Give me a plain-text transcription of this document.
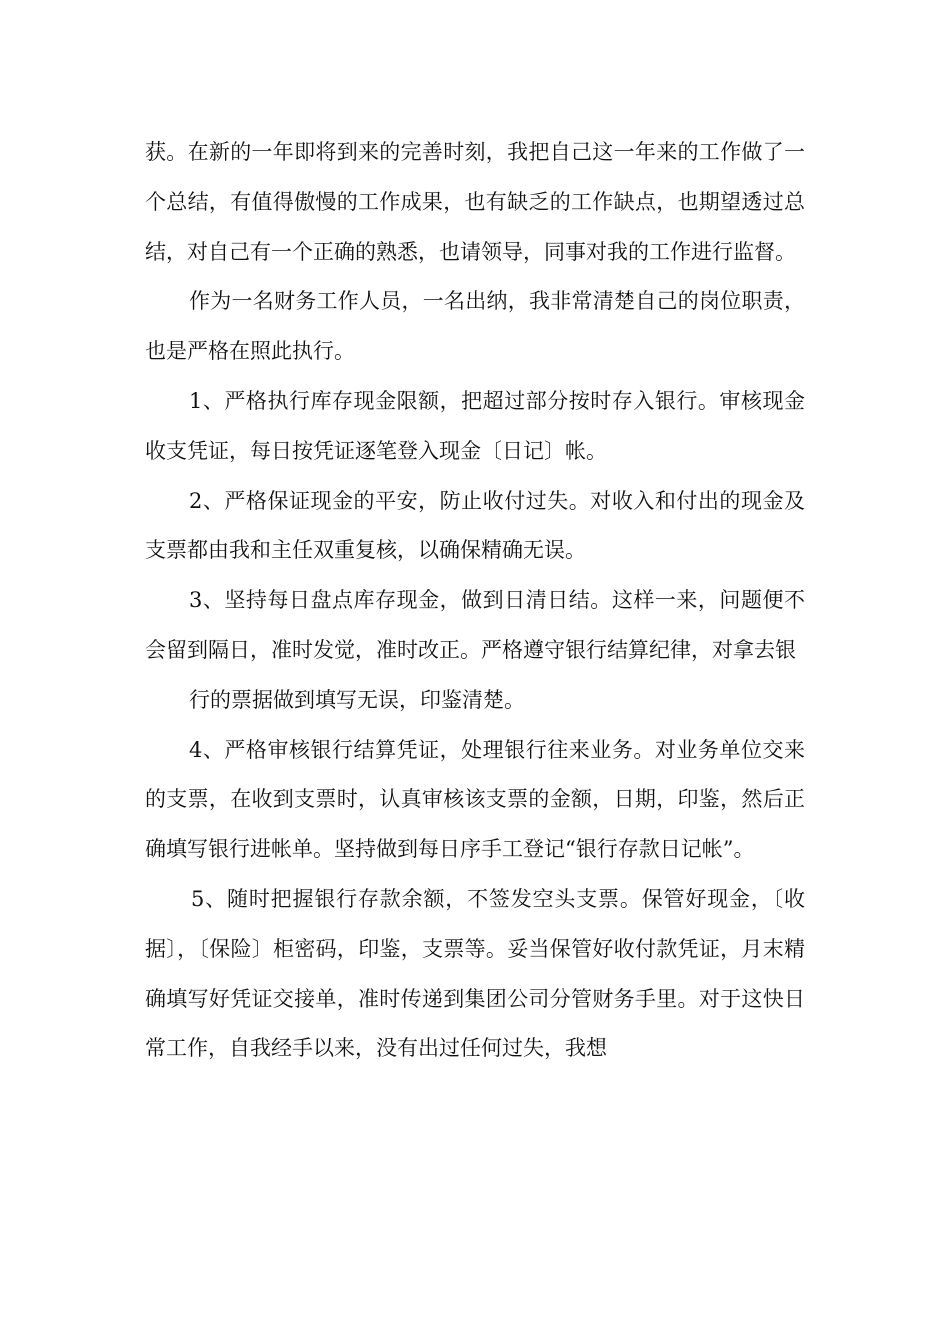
获。在新的一年即将到来的完善时刻，我把自己这一年来的工作做了一个总结，有值得傲慢的工作成果，也有缺乏的工作缺点，也期望透过总结，对自己有一个正确的熟悉，也请领导，同事对我的工作进行监督。

作为一名财务工作人员，一名出纳，我非常清楚自己的岗位职责，也是严格在照此执行。

1、严格执行库存现金限额，把超过部分按时存入银行。审核现金收支凭证，每日按凭证逐笔登入现金〔日记〕帐。

2、严格保证现金的平安，防止收付过失。对收入和付出的现金及支票都由我和主任双重复核，以确保精确无误。

3、坚持每日盘点库存现金，做到日清日结。这样一来，问题便不会留到隔日，准时发觉，准时改正。严格遵守银行结算纪律，对拿去银

行的票据做到填写无误，印鉴清楚。

4、严格审核银行结算凭证，处理银行往来业务。对业务单位交来的支票，在收到支票时，认真审核该支票的金额，日期，印鉴，然后正确填写银行进帐单。坚持做到每日序手工登记“银行存款日记帐”。

5、随时把握银行存款余额，不签发空头支票。保管好现金，〔收据〕，〔保险〕柜密码，印鉴，支票等。妥当保管好收付款凭证，月末精确填写好凭证交接单，准时传递到集团公司分管财务手里。对于这快日常工作，自我经手以来，没有出过任何过失，我想
